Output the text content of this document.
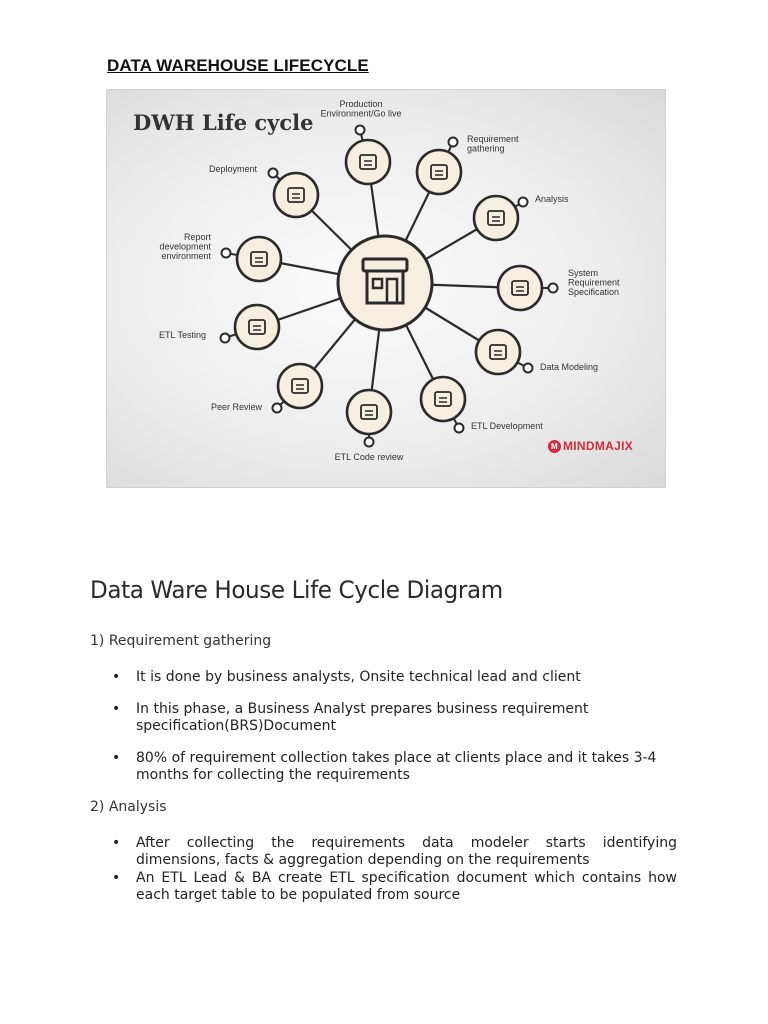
DATA WAREHOUSE LIFECYCLE
Production Environment/Go live
Requirement gathering
Analysis
System Requirement Specification
Data Modeling
ETL Development
ETL Code review
Peer Review
ETL Testing
Report development environment
Deployment
DWH Life cycle
M MINDMAJIX
Data Ware House Life Cycle Diagram
1) Requirement gathering
• It is done by business analysts, Onsite technical lead and client
• In this phase, a Business Analyst prepares business requirement specification(BRS)Document
• 80% of requirement collection takes place at clients place and it takes 3-4 months for collecting the requirements
2) Analysis
• After collecting the requirements data modeler starts identifying dimensions, facts & aggregation depending on the requirements
• An ETL Lead & BA create ETL specification document which contains how each target table to be populated from source
